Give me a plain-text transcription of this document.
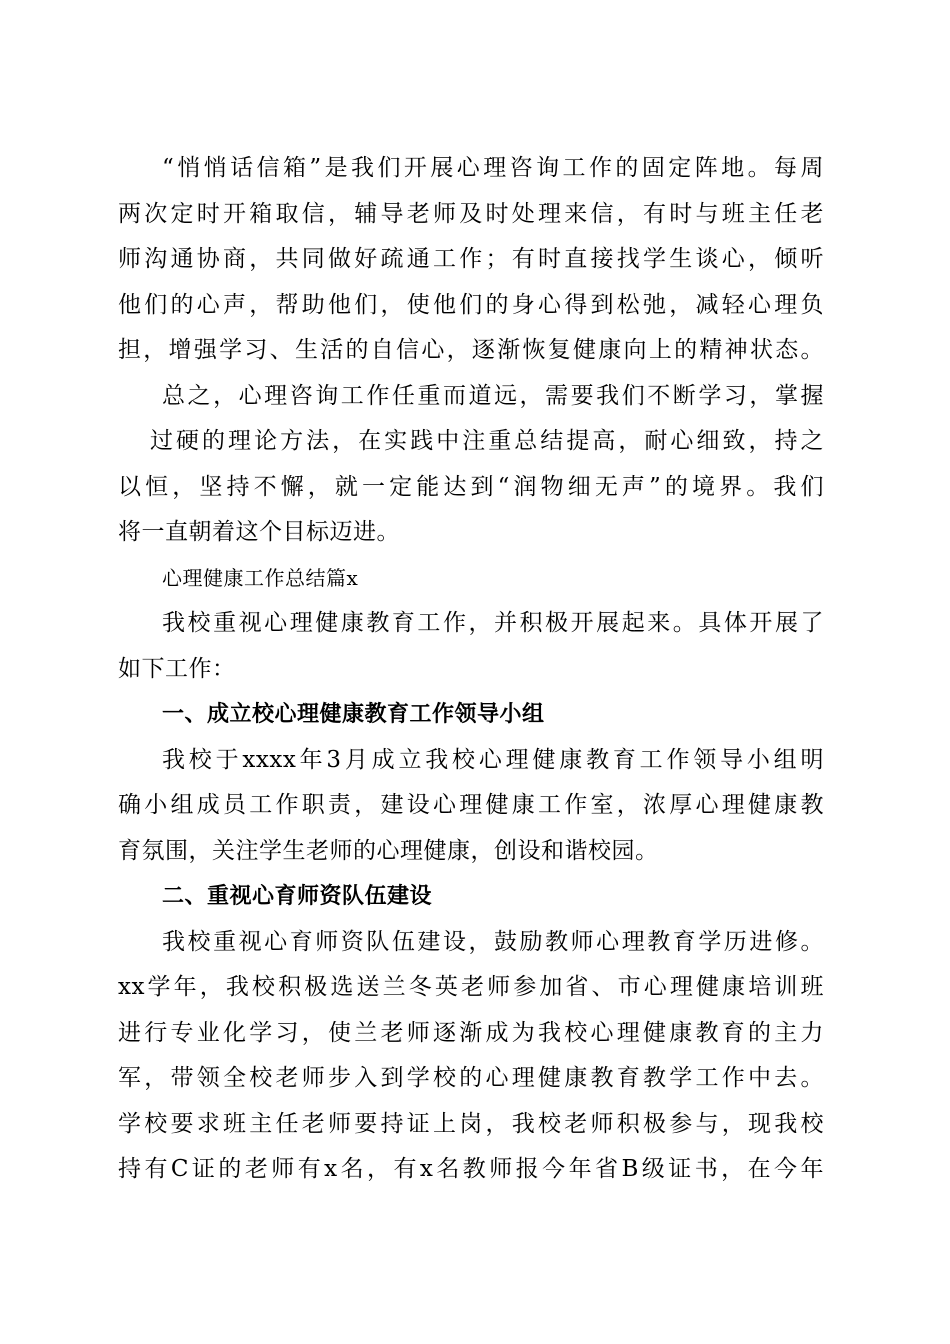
“悄悄话信箱”是我们开展心理咨询工作的固定阵地。每周
两次定时开箱取信，辅导老师及时处理来信，有时与班主任老
师沟通协商，共同做好疏通工作；有时直接找学生谈心，倾听
他们的心声，帮助他们，使他们的身心得到松弛，减轻心理负
担，增强学习、生活的自信心，逐渐恢复健康向上的精神状态。
总之，心理咨询工作任重而道远，需要我们不断学习，掌握
过硬的理论方法，在实践中注重总结提高，耐心细致，持之
以恒，坚持不懈，就一定能达到“润物细无声”的境界。我们
将一直朝着这个目标迈进。
心理健康工作总结篇x
我校重视心理健康教育工作，并积极开展起来。具体开展了
如下工作：
一、成立校心理健康教育工作领导小组
我校于xxxx年3月成立我校心理健康教育工作领导小组明
确小组成员工作职责，建设心理健康工作室，浓厚心理健康教
育氛围，关注学生老师的心理健康，创设和谐校园。
二、重视心育师资队伍建设
我校重视心育师资队伍建设，鼓励教师心理教育学历进修。
xx学年，我校积极选送兰冬英老师参加省、市心理健康培训班
进行专业化学习，使兰老师逐渐成为我校心理健康教育的主力
军，带领全校老师步入到学校的心理健康教育教学工作中去。
学校要求班主任老师要持证上岗，我校老师积极参与，现我校
持有C证的老师有x名，有x名教师报今年省B级证书，在今年
